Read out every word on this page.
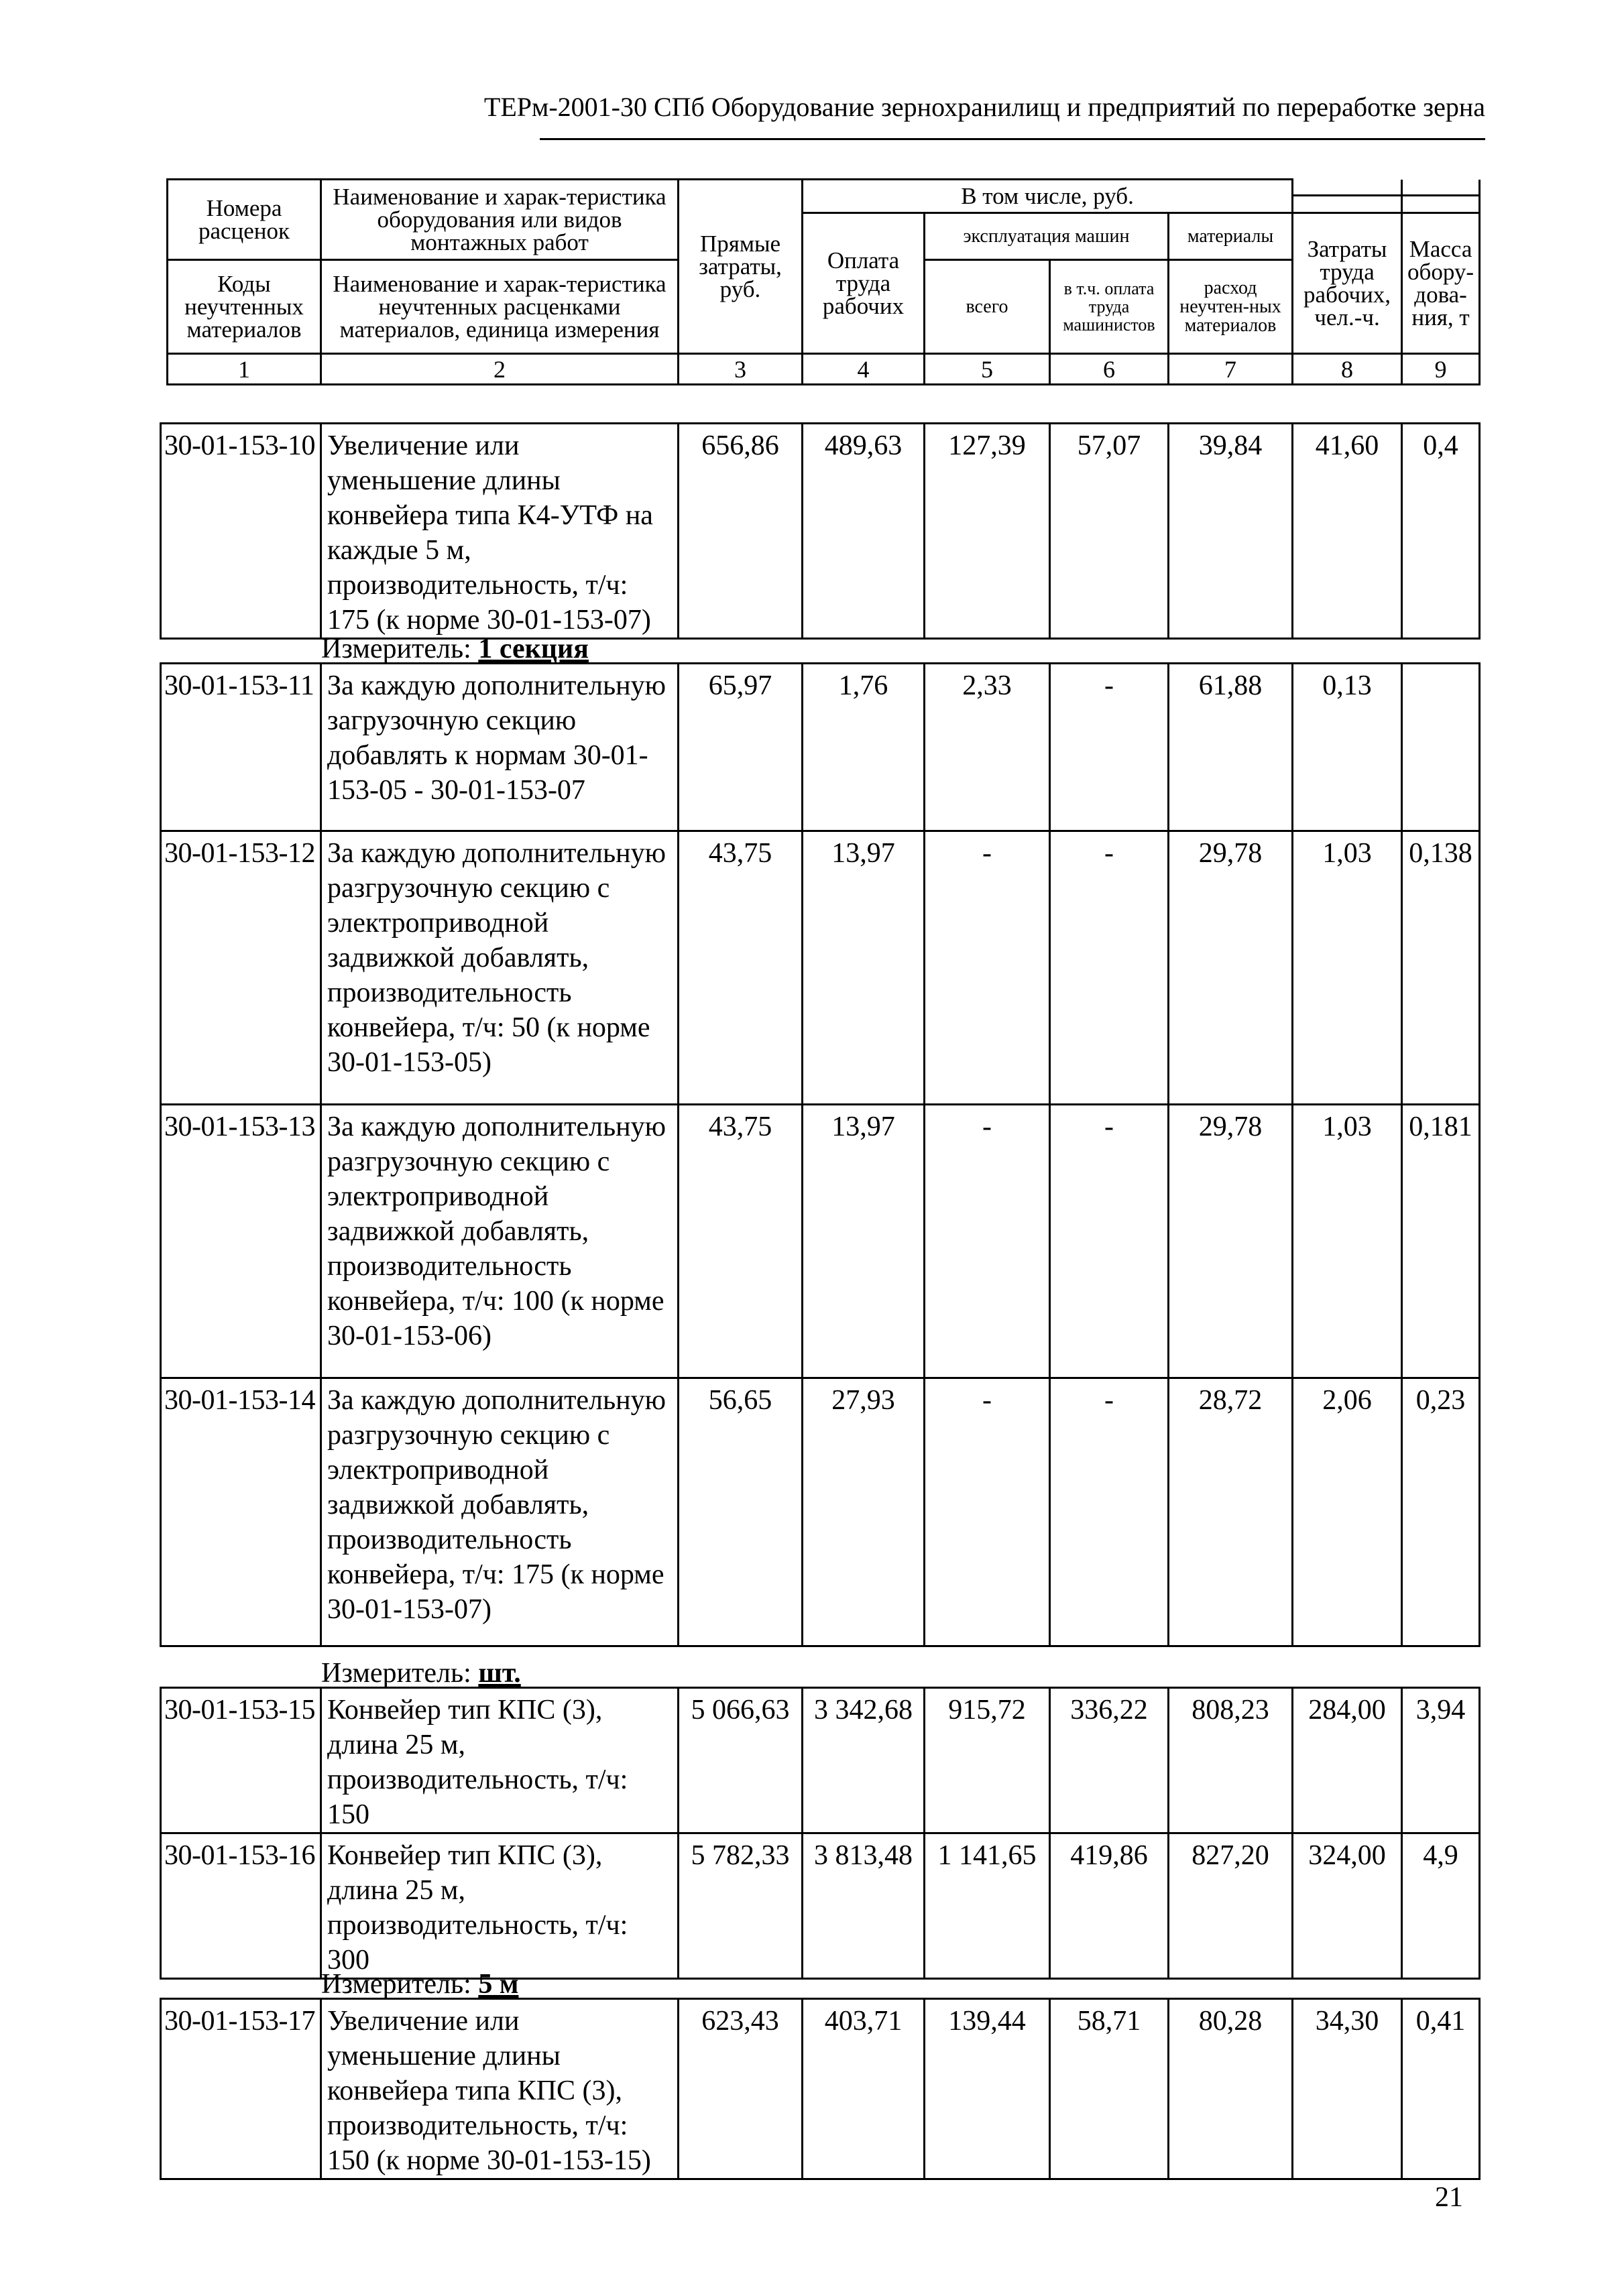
ТЕРм-2001-30 СПб Оборудование зернохранилищ и предприятий по переработке зерна
Номера расценок	Наименование и харак-теристика оборудования или видов монтажных работ	Прямые затраты, руб.	В том числе, руб.					
			Оплата труда рабочих	эксплуатация машин		материалы	Затраты труда рабочих, чел.-ч.	Масса обору-дова-ния, т
Коды неучтенных материалов	Наименование и харак-теристика неучтенных расценками материалов, единица измерения			всего	в т.ч. оплата труда машинистов	расход неучтен-ных материалов		

1	2	3	4	5	6	7	8	9
30-01-153-10	Увеличение или уменьшение длины конвейера типа К4-УТФ на каждые 5 м, производительность, т/ч: 175 (к норме 30-01-153-07)	656,86	489,63	127,39	57,07	39,84	41,60	0,4
Измеритель: 1 секция
30-01-153-11	За каждую дополнительную загрузочную секцию добавлять к нормам 30-01-153-05 - 30-01-153-07	65,97	1,76	2,33	-	61,88	0,13	
30-01-153-12	За каждую дополнительную разгрузочную секцию с электроприводной задвижкой добавлять, производительность конвейера, т/ч: 50 (к норме 30-01-153-05)	43,75	13,97	-	-	29,78	1,03	0,138
30-01-153-13	За каждую дополнительную разгрузочную секцию с электроприводной задвижкой добавлять, производительность конвейера, т/ч: 100 (к норме 30-01-153-06)	43,75	13,97	-	-	29,78	1,03	0,181
30-01-153-14	За каждую дополнительную разгрузочную секцию с электроприводной задвижкой добавлять, производительность конвейера, т/ч: 175 (к норме 30-01-153-07)	56,65	27,93	-	-	28,72	2,06	0,23
Измеритель: шт.
30-01-153-15	Конвейер тип КПС (3), длина 25 м, производительность, т/ч: 150	5 066,63	3 342,68	915,72	336,22	808,23	284,00	3,94
30-01-153-16	Конвейер тип КПС (3), длина 25 м, производительность, т/ч: 300	5 782,33	3 813,48	1 141,65	419,86	827,20	324,00	4,9
Измеритель: 5 м
30-01-153-17	Увеличение или уменьшение длины конвейера типа КПС (3), производительность, т/ч: 150 (к норме 30-01-153-15)	623,43	403,71	139,44	58,71	80,28	34,30	0,41
21
